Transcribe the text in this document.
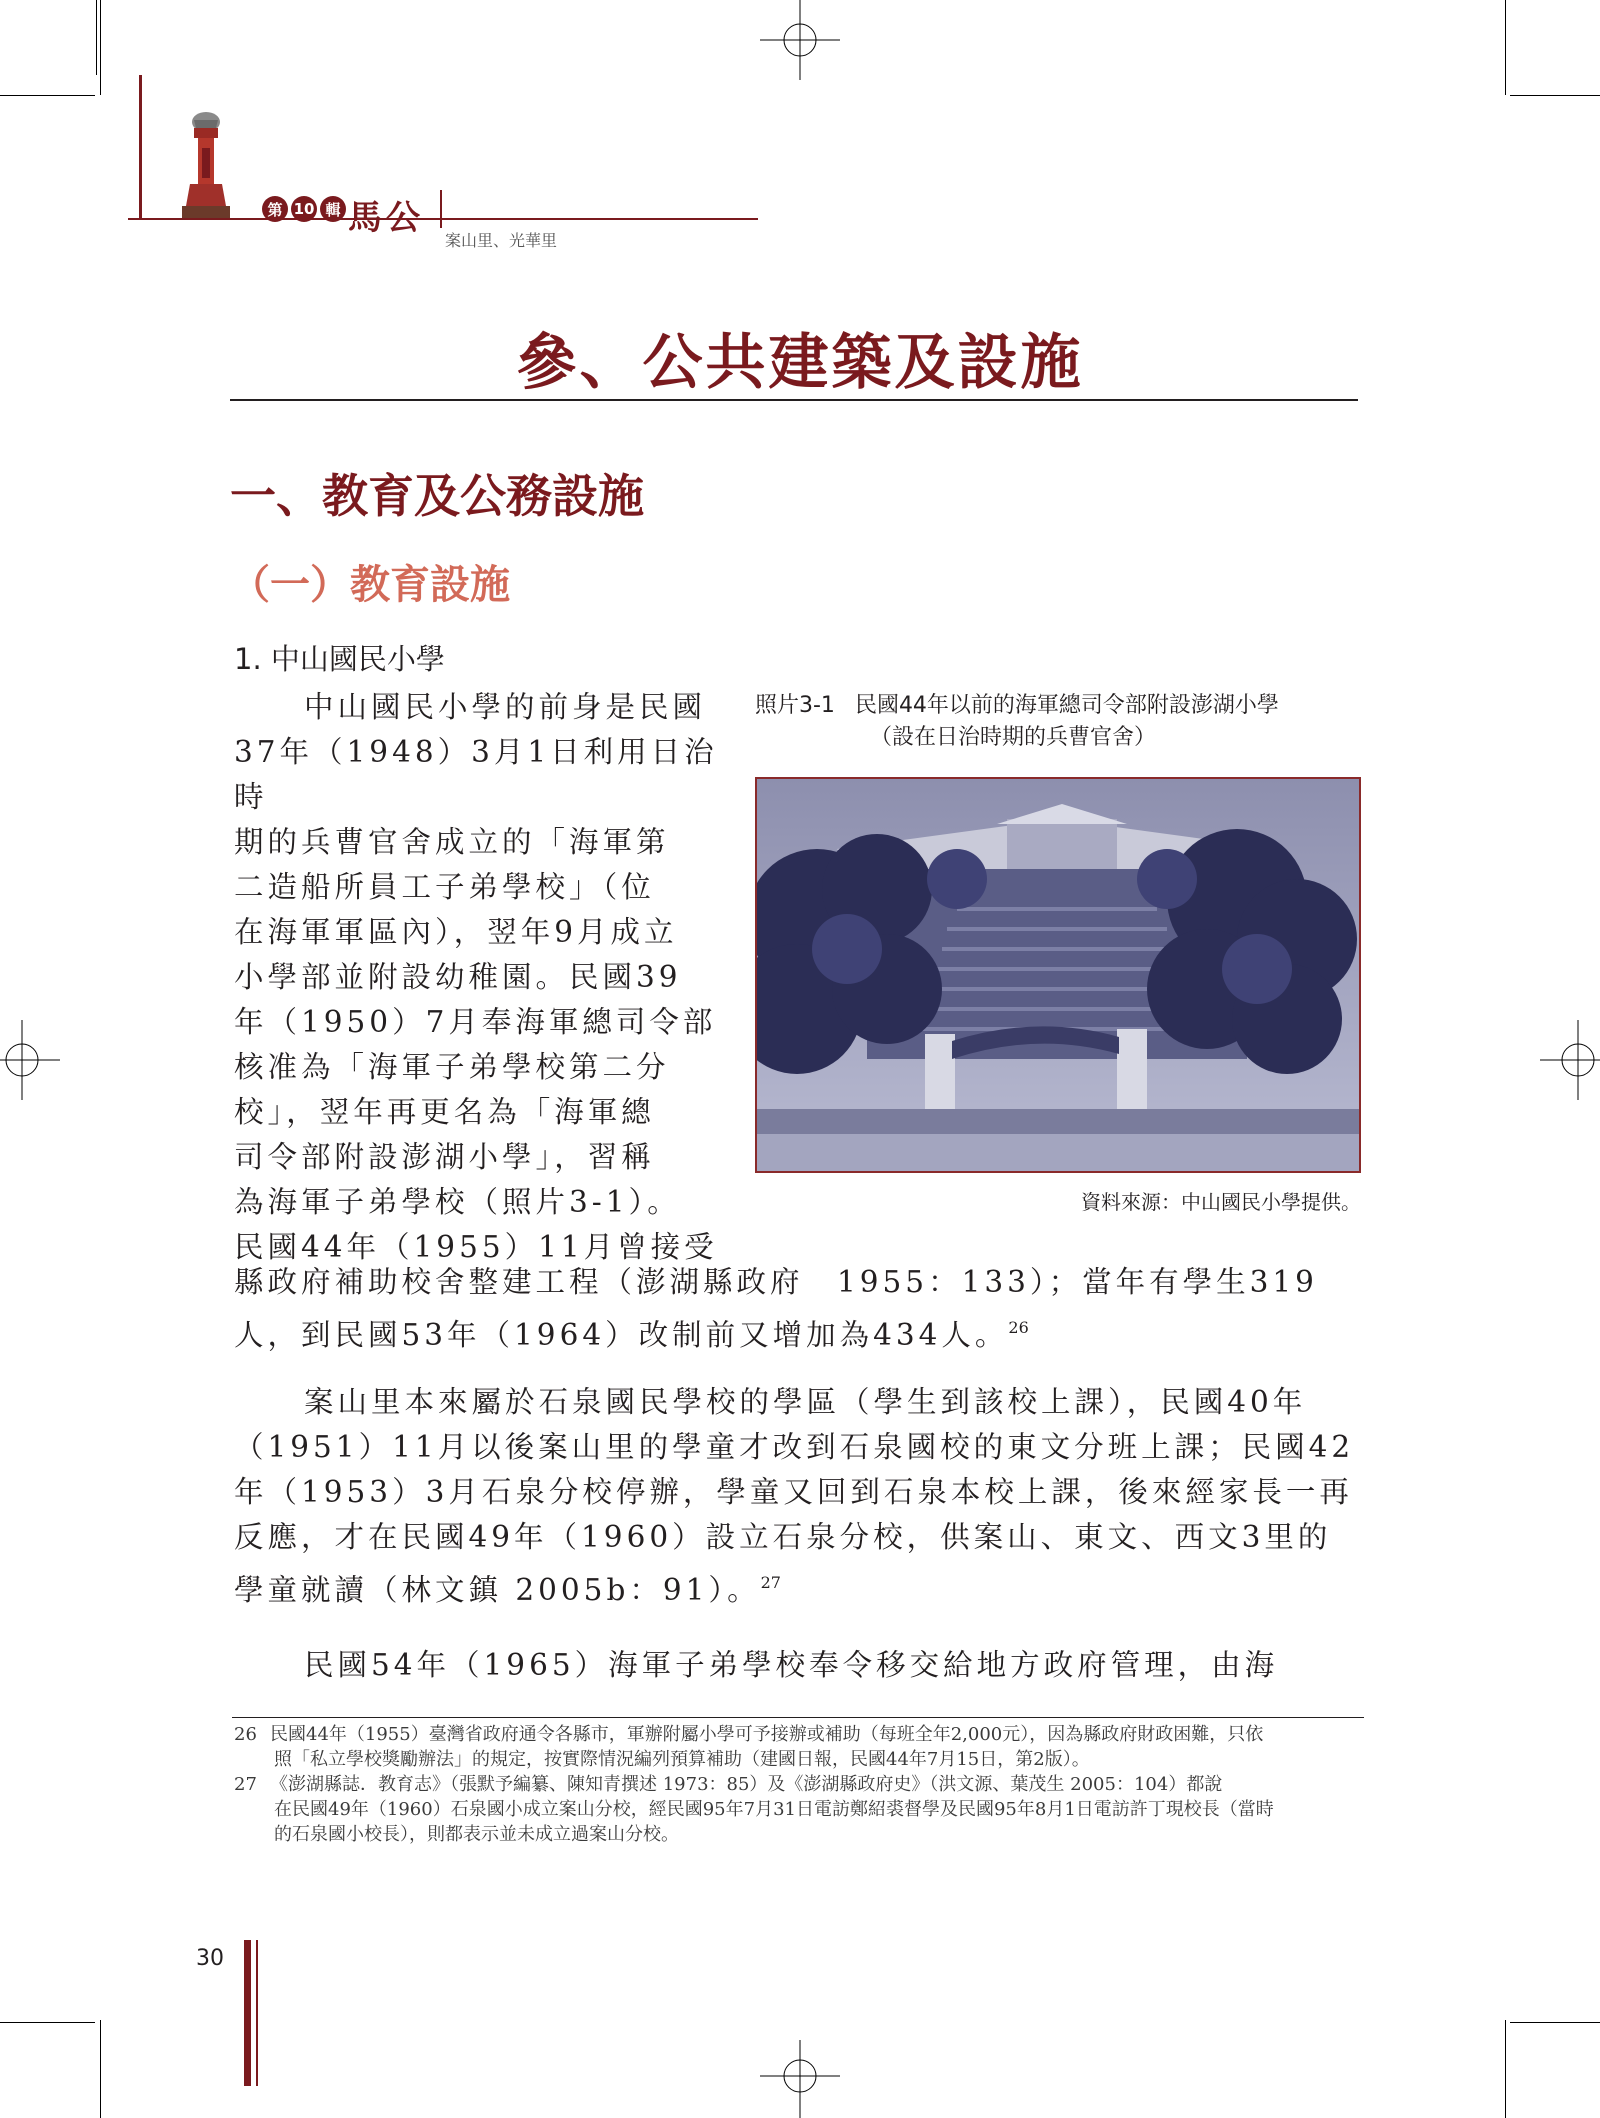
第 10 輯 馬公
案山里、光華里
參、公共建築及設施
一、教育及公務設施
（一）教育設施
1. 中山國民小學
中山國民小學的前身是民國
37年（1948）3月1日利用日治時
期的兵曹官舍成立的「海軍第
二造船所員工子弟學校」（位
在海軍軍區內），翌年9月成立
小學部並附設幼稚園。民國39
年（1950）7月奉海軍總司令部
核准為「海軍子弟學校第二分
校」，翌年再更名為「海軍總
司令部附設澎湖小學」，習稱
為海軍子弟學校（照片3-1）。
民國44年（1955）11月曾接受
縣政府補助校舍整建工程（澎湖縣政府　1955：133）；當年有學生319人，到民國53年（1964）改制前又增加為434人。$^{26}$
照片3-1 民國44年以前的海軍總司令部附設澎湖小學
（設在日治時期的兵曹官舍）
資料來源：中山國民小學提供。
案山里本來屬於石泉國民學校的學區（學生到該校上課），民國40年（1951）11月以後案山里的學童才改到石泉國校的東文分班上課；民國42年（1953）3月石泉分校停辦，學童又回到石泉本校上課，後來經家長一再反應，才在民國49年（1960）設立石泉分校，供案山、東文、西文3里的學童就讀（林文鎮 2005b：91）。$^{27}$
民國54年（1965）海軍子弟學校奉令移交給地方政府管理，由海
26 民國44年（1955）臺灣省政府通令各縣市，軍辦附屬小學可予接辦或補助（每班全年2,000元），因為縣政府財政困難，只依
照「私立學校獎勵辦法」的規定，按實際情況編列預算補助（建國日報，民國44年7月15日，第2版）。
27 《澎湖縣誌．教育志》（張默予編纂、陳知青撰述 1973：85）及《澎湖縣政府史》（洪文源、葉茂生 2005：104）都說
在民國49年（1960）石泉國小成立案山分校，經民國95年7月31日電訪鄭紹裘督學及民國95年8月1日電訪許丁現校長（當時
的石泉國小校長），則都表示並未成立過案山分校。
30
